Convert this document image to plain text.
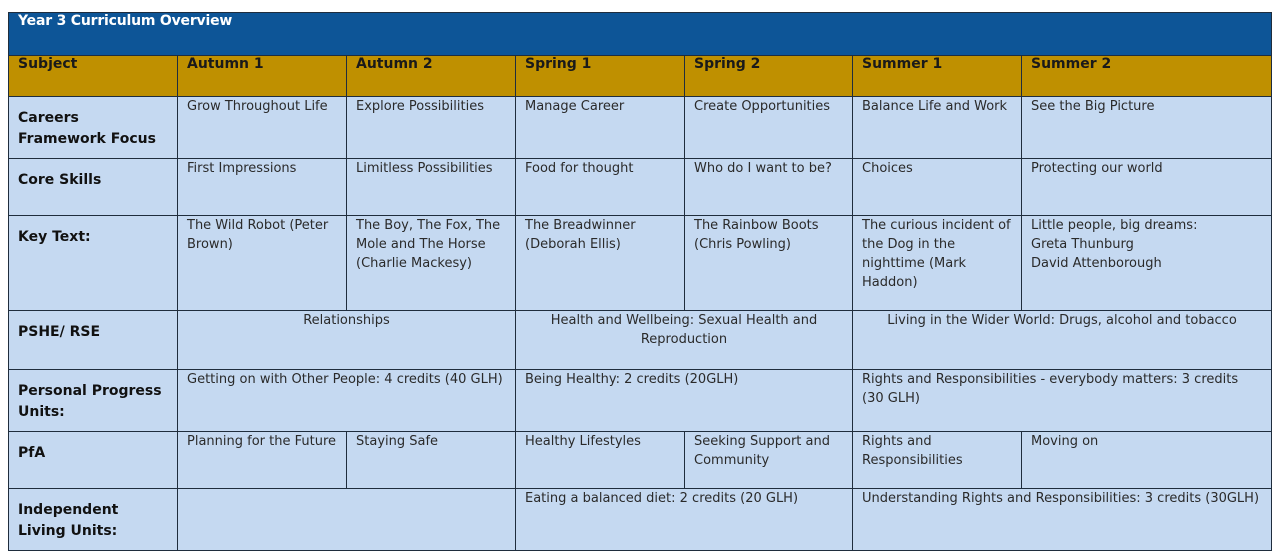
Year 3 Curriculum Overview						
Subject	Autumn 1	Autumn 2	Spring 1	Spring 2	Summer 1	Summer 2
Careers Framework Focus	Grow Throughout Life	Explore Possibilities	Manage Career	Create Opportunities	Balance Life and Work	See the Big Picture
Core Skills	First Impressions	Limitless Possibilities	Food for thought	Who do I want to be?	Choices	Protecting our world
Key Text:	The Wild Robot (Peter Brown)	The Boy, The Fox, The Mole and The Horse (Charlie Mackesy)	The Breadwinner (Deborah Ellis)	The Rainbow Boots (Chris Powling)	The curious incident of the Dog in the nighttime (Mark Haddon)	Little people, big dreams:
Greta Thunburg
David Attenborough

PSHE/ RSE	Relationships		Health and Wellbeing: Sexual Health and Reproduction		Living in the Wider World: Drugs, alcohol and tobacco	
Personal Progress Units:	Getting on with Other People: 4 credits (40 GLH)		Being Healthy: 2 credits (20GLH)		Rights and Responsibilities - everybody matters: 3 credits (30 GLH)	
PfA	Planning for the Future	Staying Safe	Healthy Lifestyles	Seeking Support and Community	Rights and Responsibilities	Moving on
Independent Living Units:			Eating a balanced diet: 2 credits (20 GLH)		Understanding Rights and Responsibilities: 3 credits (30GLH)	
